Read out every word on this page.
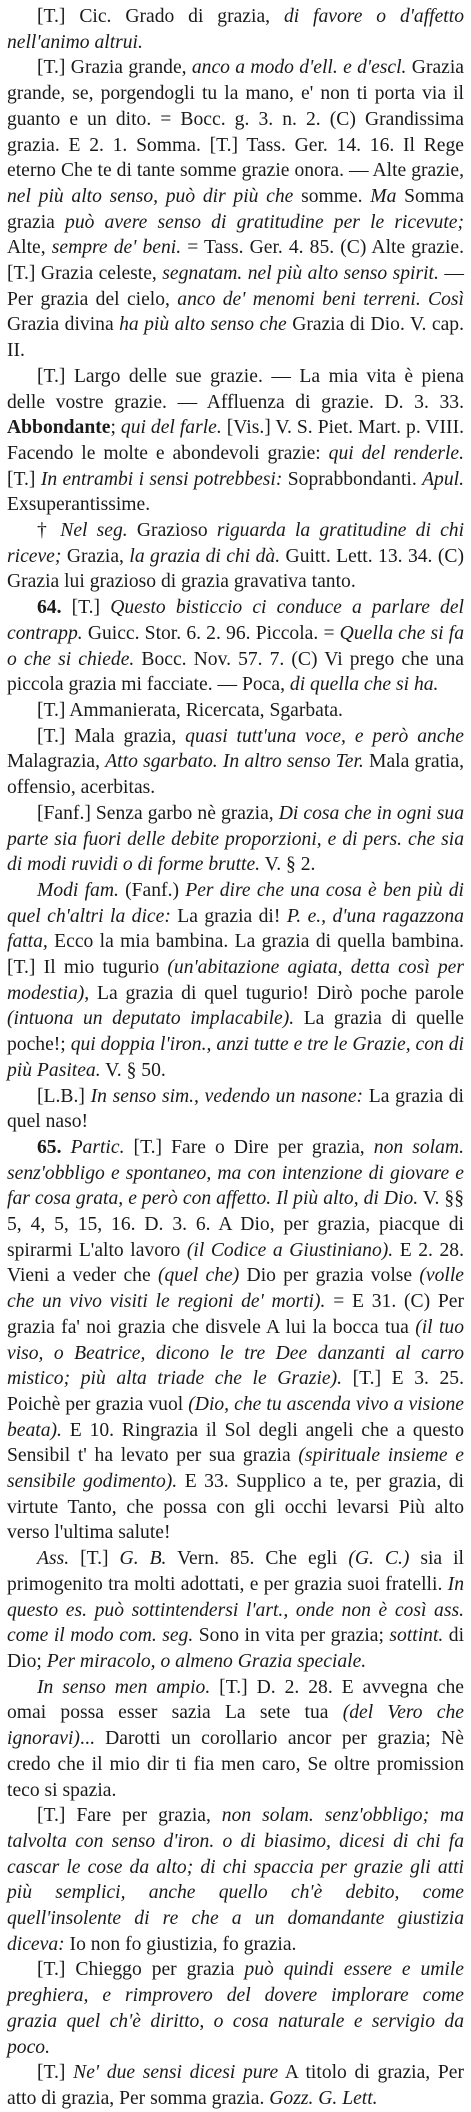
[T.] Cic. Grado di grazia, di favore o d'affetto nell'animo altrui.

[T.] Grazia grande, anco a modo d'ell. e d'escl. Grazia grande, se, porgendogli tu la mano, e' non ti porta via il guanto e un dito. = Bocc. g. 3. n. 2. (C) Grandissima grazia. E 2. 1. Somma. [T.] Tass. Ger. 14. 16. Il Rege eterno Che te di tante somme grazie onora. — Alte grazie, nel più alto senso, può dir più che somme. Ma Somma grazia può avere senso di gratitudine per le ricevute; Alte, sempre de' beni. = Tass. Ger. 4. 85. (C) Alte grazie. [T.] Grazia celeste, segnatam. nel più alto senso spirit. — Per grazia del cielo, anco de' menomi beni terreni. Così Grazia divina ha più alto senso che Grazia di Dio. V. cap. II.

[T.] Largo delle sue grazie. — La mia vita è piena delle vostre grazie. — Affluenza di grazie. D. 3. 33. Abbondante; qui del farle. [Vis.] V. S. Piet. Mart. p. VIII. Facendo le molte e abondevoli grazie: qui del renderle. [T.] In entrambi i sensi potrebbesi: Soprabbondanti. Apul. Exsuperantissime.

† Nel seg. Grazioso riguarda la gratitudine di chi riceve; Grazia, la grazia di chi dà. Guitt. Lett. 13. 34. (C) Grazia lui grazioso di grazia gravativa tanto.

64. [T.] Questo bisticcio ci conduce a parlare del contrapp. Guicc. Stor. 6. 2. 96. Piccola. = Quella che si fa o che si chiede. Bocc. Nov. 57. 7. (C) Vi prego che una piccola grazia mi facciate. — Poca, di quella che si ha.

[T.] Ammanierata, Ricercata, Sgarbata.

[T.] Mala grazia, quasi tutt'una voce, e però anche Malagrazia, Atto sgarbato. In altro senso Ter. Mala gratia, offensio, acerbitas.

[Fanf.] Senza garbo nè grazia, Di cosa che in ogni sua parte sia fuori delle debite proporzioni, e di pers. che sia di modi ruvidi o di forme brutte. V. § 2.

Modi fam. (Fanf.) Per dire che una cosa è ben più di quel ch'altri la dice: La grazia di! P. e., d'una ragazzona fatta, Ecco la mia bambina. La grazia di quella bambina. [T.] Il mio tugurio (un'abitazione agiata, detta così per modestia), La grazia di quel tugurio! Dirò poche parole (intuona un deputato implacabile). La grazia di quelle poche!; qui doppia l'iron., anzi tutte e tre le Grazie, con di più Pasitea. V. § 50.

[L.B.] In senso sim., vedendo un nasone: La grazia di quel naso!

65. Partic. [T.] Fare o Dire per grazia, non solam. senz'obbligo e spontaneo, ma con intenzione di giovare e far cosa grata, e però con affetto. Il più alto, di Dio. V. §§ 5, 4, 5, 15, 16. D. 3. 6. A Dio, per grazia, piacque di spirarmi L'alto lavoro (il Codice a Giustiniano). E 2. 28. Vieni a veder che (quel che) Dio per grazia volse (volle che un vivo visiti le regioni de' morti). = E 31. (C) Per grazia fa' noi grazia che disvele A lui la bocca tua (il tuo viso, o Beatrice, dicono le tre Dee danzanti al carro mistico; più alta triade che le Grazie). [T.] E 3. 25. Poichè per grazia vuol (Dio, che tu ascenda vivo a visione beata). E 10. Ringrazia il Sol degli angeli che a questo Sensibil t' ha levato per sua grazia (spirituale insieme e sensibile godimento). E 33. Supplico a te, per grazia, di virtute Tanto, che possa con gli occhi levarsi Più alto verso l'ultima salute!

Ass. [T.] G. B. Vern. 85. Che egli (G. C.) sia il primogenito tra molti adottati, e per grazia suoi fratelli. In questo es. può sottintendersi l'art., onde non è così ass. come il modo com. seg. Sono in vita per grazia; sottint. di Dio; Per miracolo, o almeno Grazia speciale.

In senso men ampio. [T.] D. 2. 28. E avvegna che omai possa esser sazia La sete tua (del Vero che ignoravi)... Darotti un corollario ancor per grazia; Nè credo che il mio dir ti fia men caro, Se oltre promission teco si spazia.

[T.] Fare per grazia, non solam. senz'obbligo; ma talvolta con senso d'iron. o di biasimo, dicesi di chi fa cascar le cose da alto; di chi spaccia per grazie gli atti più semplici, anche quello ch'è debito, come quell'insolente di re che a un domandante giustizia diceva: Io non fo giustizia, fo grazia.

[T.] Chieggo per grazia può quindi essere e umile preghiera, e rimprovero del dovere implorare come grazia quel ch'è diritto, o cosa naturale e servigio da poco.

[T.] Ne' due sensi dicesi pure A titolo di grazia, Per atto di grazia, Per somma grazia. Gozz. G. Lett.
